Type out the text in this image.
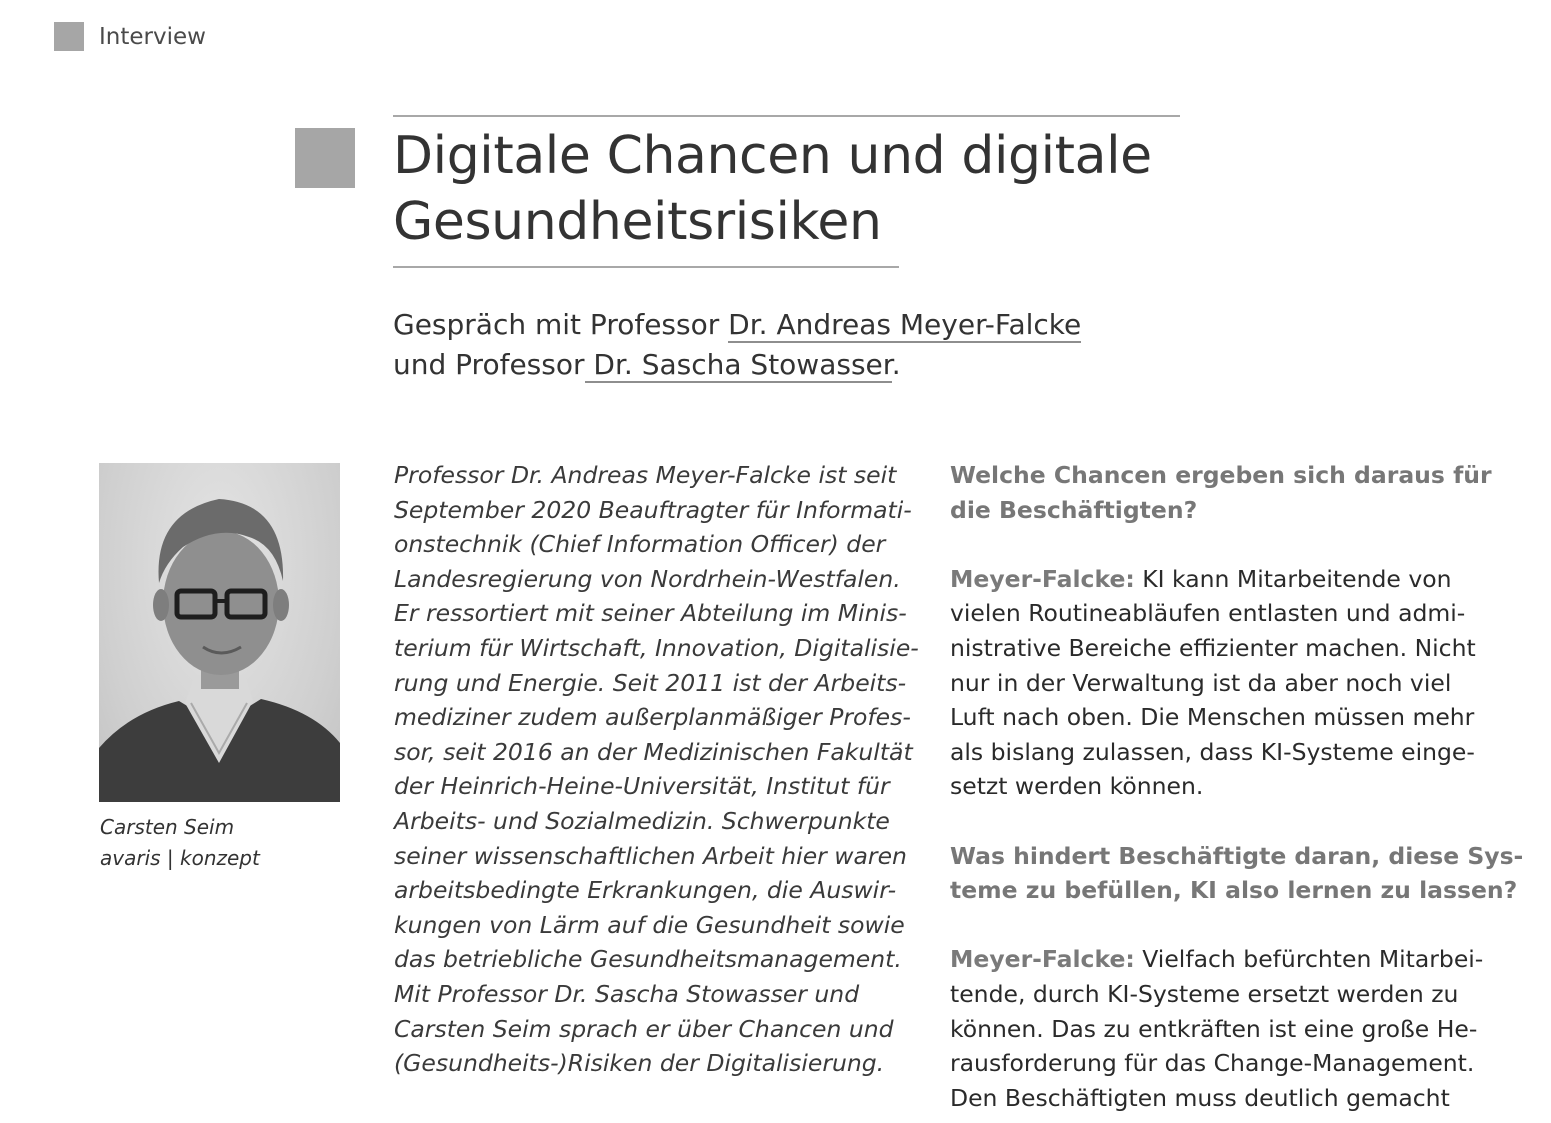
Interview
Digitale Chancen und digitale
Gesundheitsrisiken
Gespräch mit Professor Dr. Andreas Meyer-Falcke
und Professor Dr. Sascha Stowasser.
Carsten Seim
avaris | konzept
Professor Dr. Andreas Meyer-Falcke ist seit
September 2020 Beauftragter für Informati-
onstechnik (Chief Information Officer) der
Landesregierung von Nordrhein-Westfalen.
Er ressortiert mit seiner Abteilung im Minis-
terium für Wirtschaft, Innovation, Digitalisie-
rung und Energie. Seit 2011 ist der Arbeits-
mediziner zudem außerplanmäßiger Profes-
sor, seit 2016 an der Medizinischen Fakultät
der Heinrich-Heine-Universität, Institut für
Arbeits- und Sozialmedizin. Schwerpunkte
seiner wissenschaftlichen Arbeit hier waren
arbeitsbedingte Erkrankungen, die Auswir-
kungen von Lärm auf die Gesundheit sowie
das betriebliche Gesundheitsmanagement.
Mit Professor Dr. Sascha Stowasser und
Carsten Seim sprach er über Chancen und
(Gesundheits-)Risiken der Digitalisierung.
Welche Chancen ergeben sich daraus für
die Beschäftigten?
Meyer-Falcke: KI kann Mitarbeitende von
vielen Routineabläufen entlasten und admi-
nistrative Bereiche effizienter machen. Nicht
nur in der Verwaltung ist da aber noch viel
Luft nach oben. Die Menschen müssen mehr
als bislang zulassen, dass KI-Systeme einge-
setzt werden können.
Was hindert Beschäftigte daran, diese Sys-
teme zu befüllen, KI also lernen zu lassen?
Meyer-Falcke: Vielfach befürchten Mitarbei-
tende, durch KI-Systeme ersetzt werden zu
können. Das zu entkräften ist eine große He-
rausforderung für das Change-Management.
Den Beschäftigten muss deutlich gemacht
